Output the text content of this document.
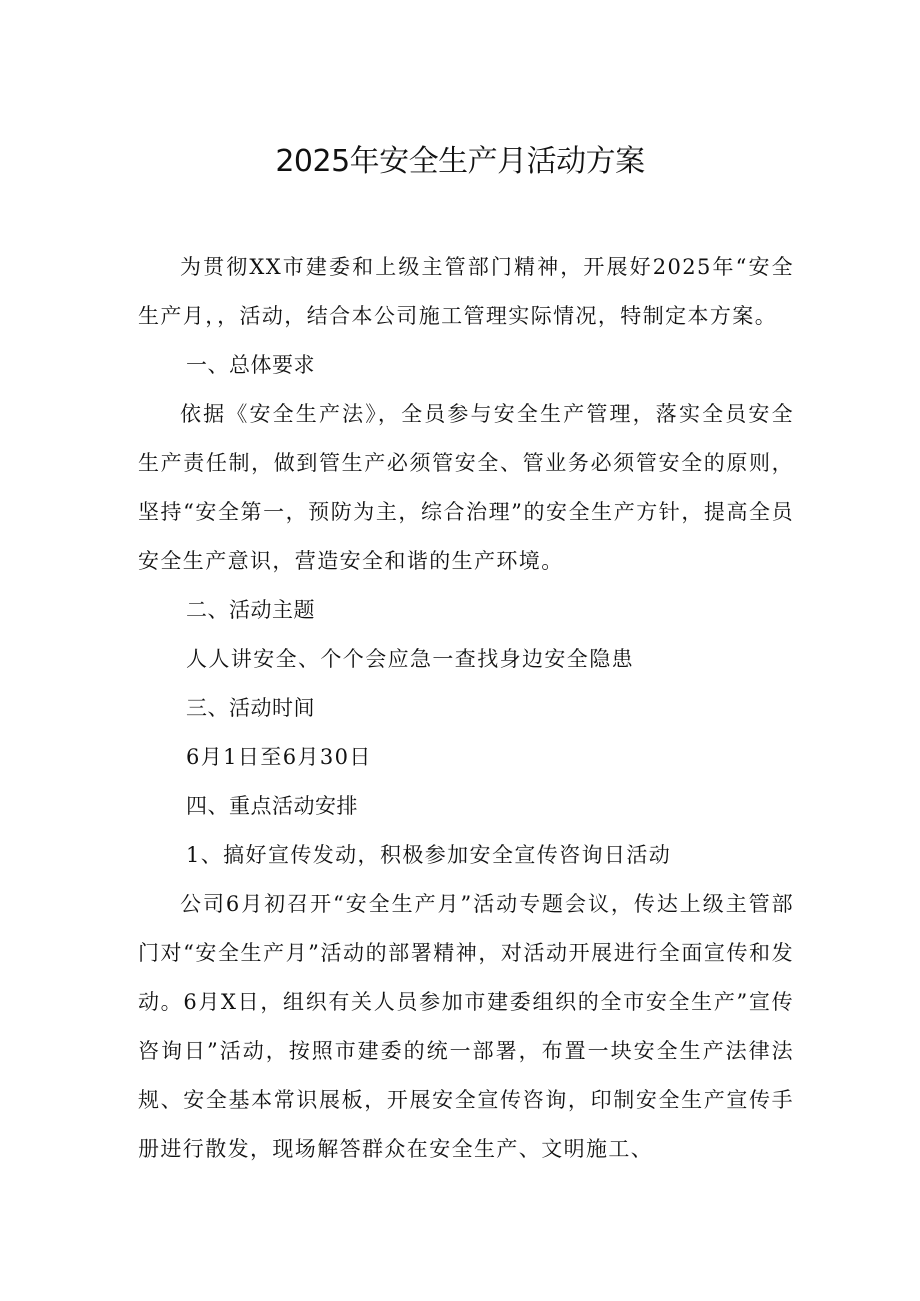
2025年安全生产月活动方案

为贯彻XX市建委和上级主管部门精神，开展好2025年“安全生产月，，活动，结合本公司施工管理实际情况，特制定本方案。

一、总体要求

依据《安全生产法》，全员参与安全生产管理，落实全员安全生产责任制，做到管生产必须管安全、管业务必须管安全的原则，坚持“安全第一，预防为主，综合治理”的安全生产方针，提高全员安全生产意识，营造安全和谐的生产环境。

二、活动主题

人人讲安全、个个会应急一查找身边安全隐患

三、活动时间

6月1日至6月30日

四、重点活动安排

1、搞好宣传发动，积极参加安全宣传咨询日活动

公司6月初召开“安全生产月”活动专题会议，传达上级主管部门对“安全生产月”活动的部署精神，对活动开展进行全面宣传和发动。6月X日，组织有关人员参加市建委组织的全市安全生产”宣传咨询日”活动，按照市建委的统一部署，布置一块安全生产法律法规、安全基本常识展板，开展安全宣传咨询，印制安全生产宣传手册进行散发，现场解答群众在安全生产、文明施工、
